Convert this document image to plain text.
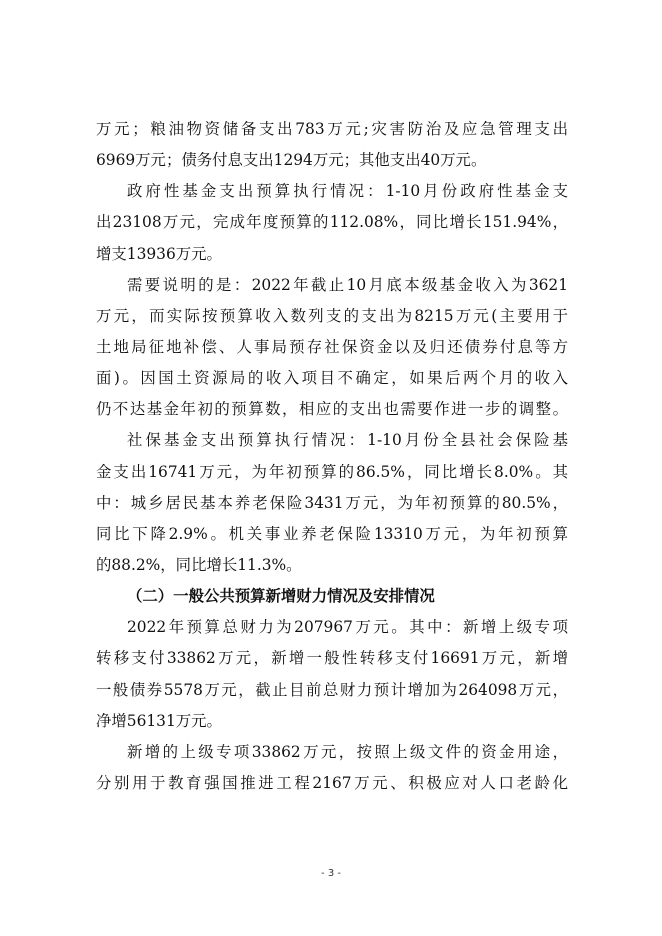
万元；粮油物资储备支出783万元;灾害防治及应急管理支出
6969万元；债务付息支出1294万元；其他支出40万元。
政府性基金支出预算执行情况：1-10月份政府性基金支
出23108万元，完成年度预算的112.08%，同比增长151.94%，
增支13936万元。
需要说明的是：2022年截止10月底本级基金收入为3621
万元，而实际按预算收入数列支的支出为8215万元(主要用于
土地局征地补偿、人事局预存社保资金以及归还债券付息等方
面)。因国土资源局的收入项目不确定，如果后两个月的收入
仍不达基金年初的预算数，相应的支出也需要作进一步的调整。
社保基金支出预算执行情况：1-10月份全县社会保险基
金支出16741万元，为年初预算的86.5%，同比增长8.0%。其
中：城乡居民基本养老保险3431万元，为年初预算的80.5%，
同比下降2.9%。机关事业养老保险13310万元，为年初预算
的88.2%，同比增长11.3%。
（二）一般公共预算新增财力情况及安排情况
2022年预算总财力为207967万元。其中：新增上级专项
转移支付33862万元，新增一般性转移支付16691万元，新增
一般债券5578万元，截止目前总财力预计增加为264098万元，
净增56131万元。
新增的上级专项33862万元，按照上级文件的资金用途，
分别用于教育强国推进工程2167万元、积极应对人口老龄化
- 3 -
